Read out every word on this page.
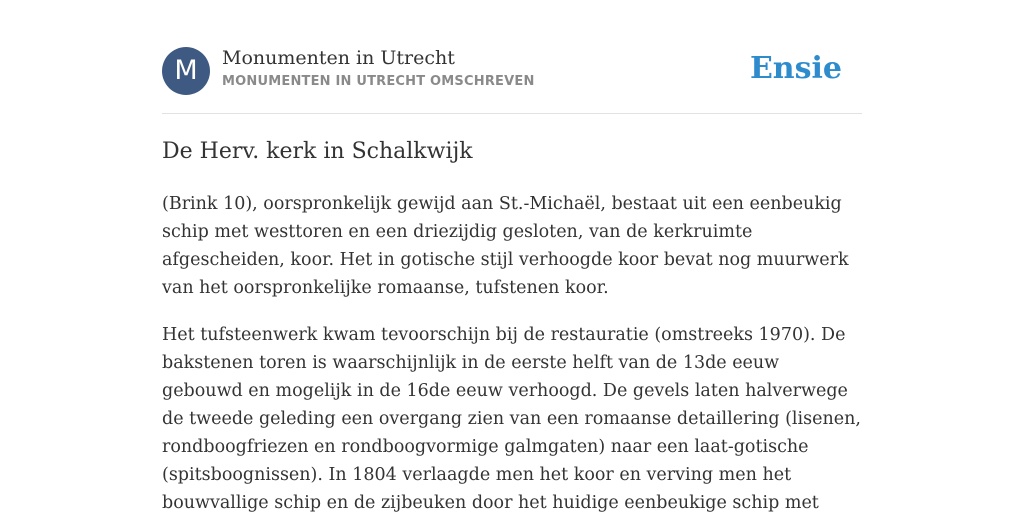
M	Monumenten in Utrecht
MONUMENTEN IN UTRECHT OMSCHREVEN	Ensie
De Herv. kerk in Schalkwijk

(Brink 10), oorspronkelijk gewijd aan St.-Michaël, bestaat uit een eenbeukig schip met westtoren en een driezijdig gesloten, van de kerkruimte afgescheiden, koor. Het in gotische stijl verhoogde koor bevat nog muurwerk van het oorspronkelijke romaanse, tufstenen koor.

Het tufsteenwerk kwam tevoorschijn bij de restauratie (omstreeks 1970). De bakstenen toren is waarschijnlijk in de eerste helft van de 13de eeuw gebouwd en mogelijk in de 16de eeuw verhoogd. De gevels laten halverwege de tweede geleding een overgang zien van een romaanse detaillering (lisenen, rondboogfriezen en rondboogvormige galmgaten) naar een laat-gotische (spitsboognissen). In 1804 verlaagde men het koor en verving men het bouwvallige schip en de zijbeuken door het huidige eenbeukige schip met
